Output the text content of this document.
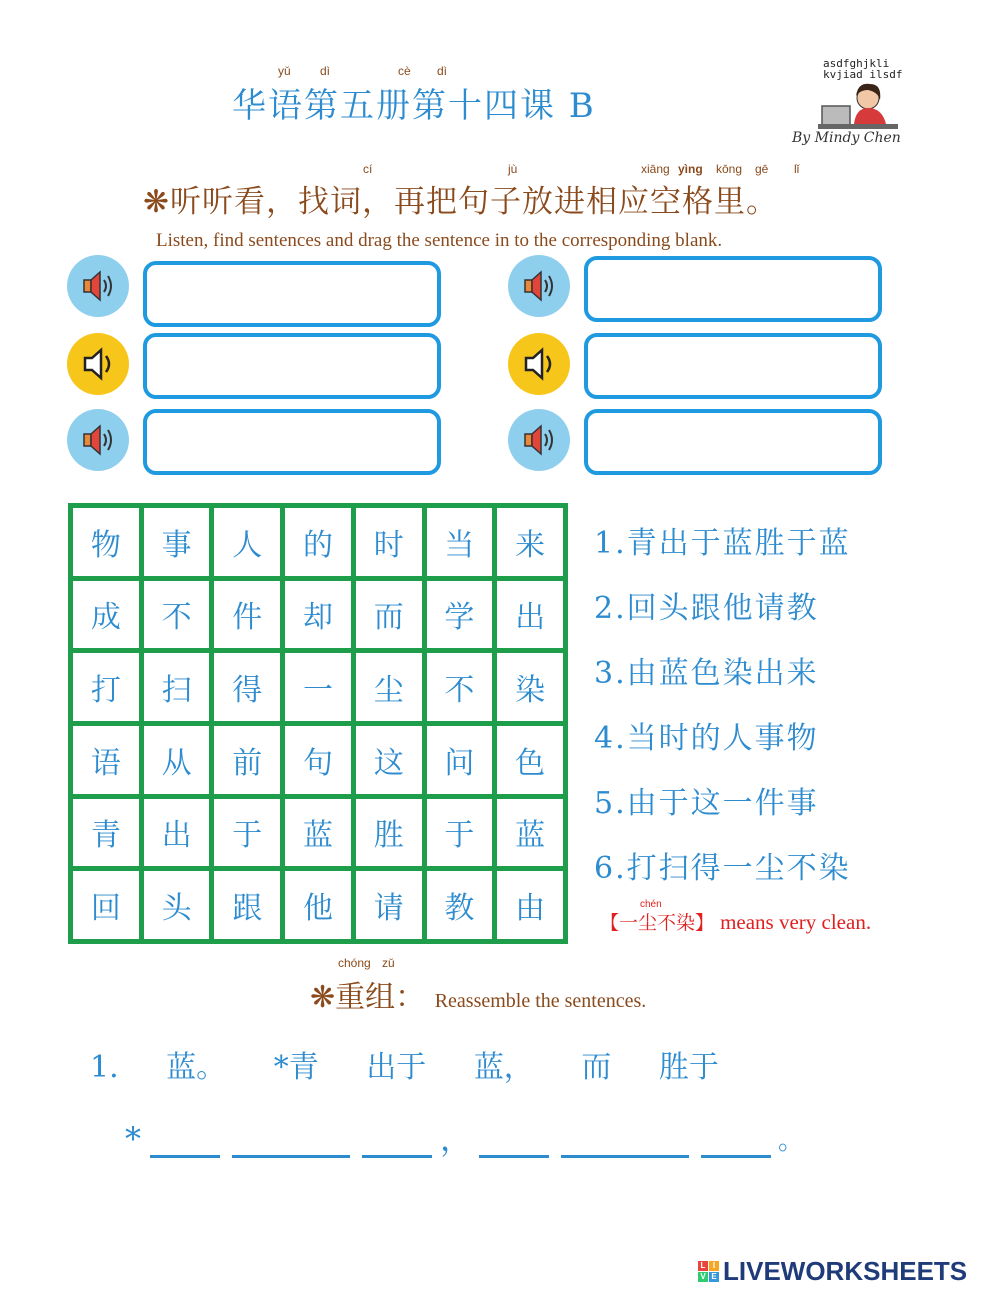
yǔ dì	cè dì
华语第五册第十四课 B
asdfghjkli kvjiad ilsdf
By Mindy Chen
cí	jù	xiāng yìng kōng gē lǐ
❋听听看，找词，再把句子放进相应空格里。
Listen, find sentences and drag the sentence in to the corresponding blank.
物	事	人	的	时	当	来
成	不	件	却	而	学	出
打	扫	得	一	尘	不	染
语	从	前	句	这	问	色
青	出	于	蓝	胜	于	蓝
回	头	跟	他	请	教	由
1.青出于蓝胜于蓝
2.回头跟他请教
3.由蓝色染出来
4.当时的人事物
5.由于这一件事
6.打扫得一尘不染
chén
【一尘不染】 means very clean.
chóng zǔ
❋重组： Reassemble the sentences.
1. 蓝。 *青 出于 蓝， 而 胜于
*	，	。
L I
V E LIVEWORKSHEETS
